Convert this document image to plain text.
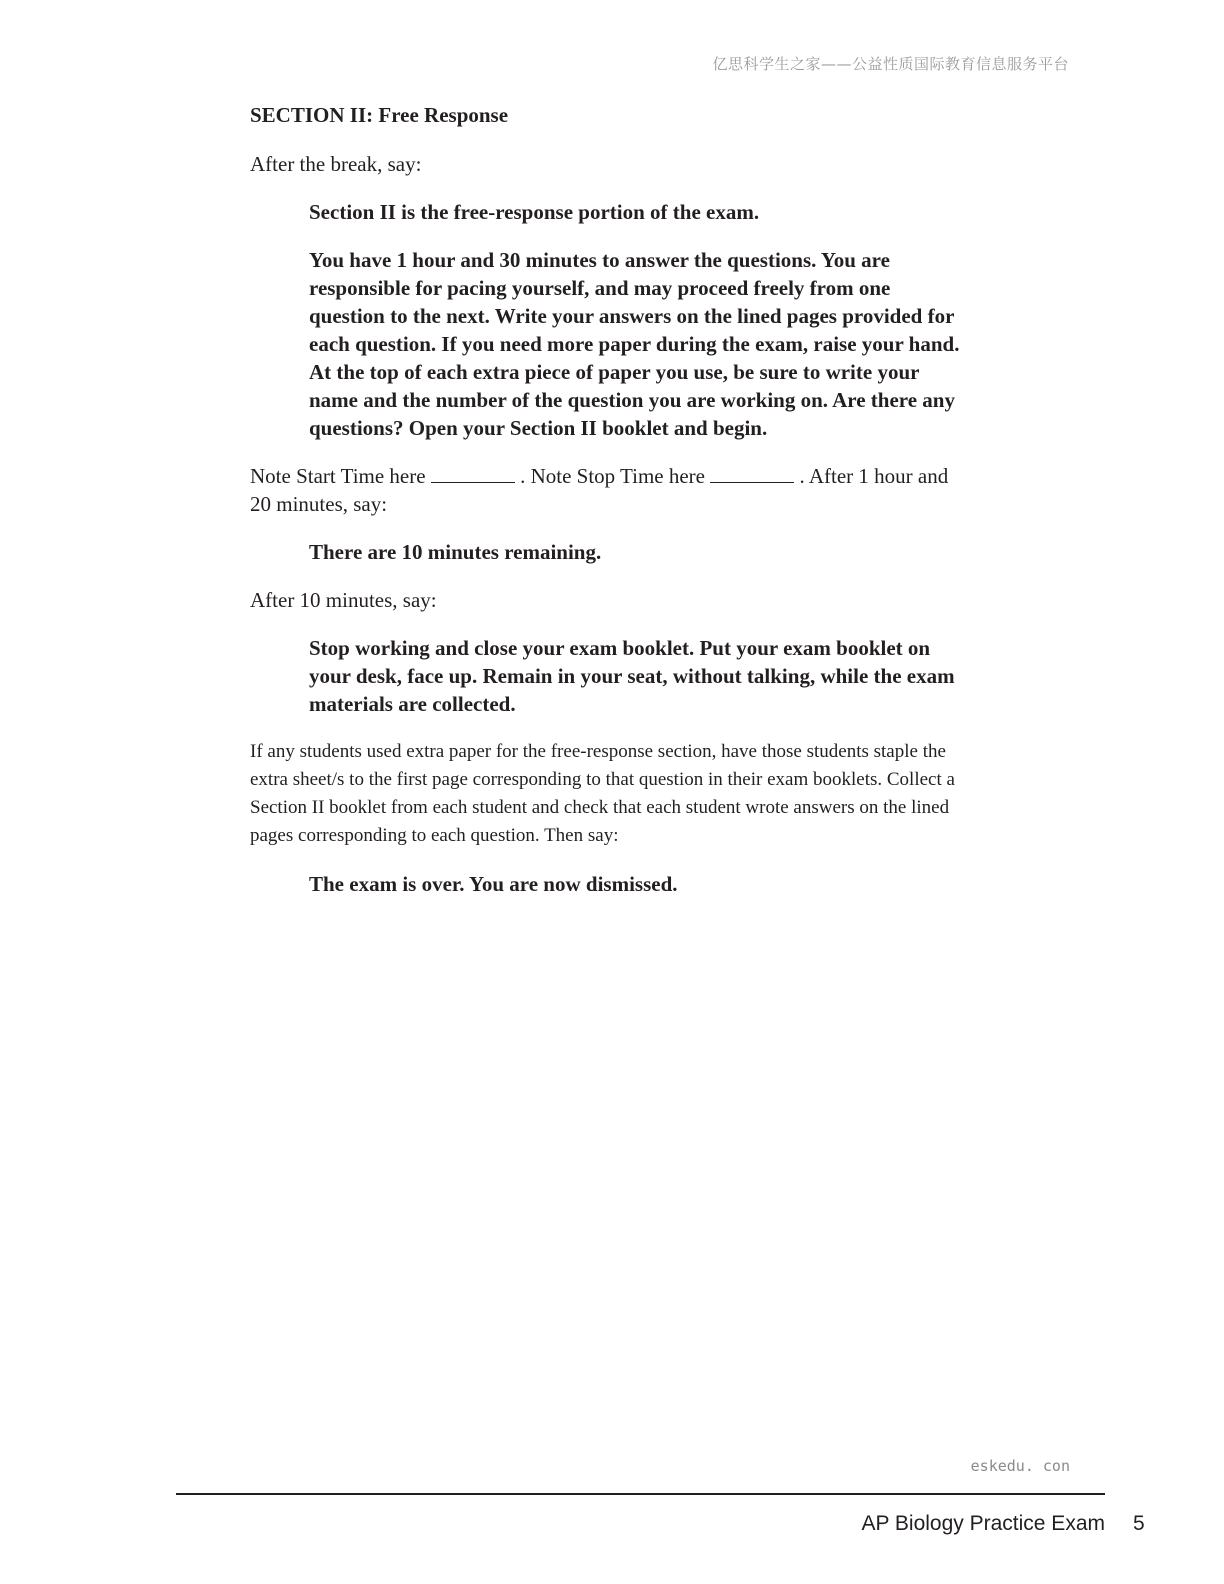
亿思科学生之家——公益性质国际教育信息服务平台
SECTION II: Free Response
After the break, say:
Section II is the free-response portion of the exam.
You have 1 hour and 30 minutes to answer the questions. You are responsible for pacing yourself, and may proceed freely from one question to the next. Write your answers on the lined pages provided for each question. If you need more paper during the exam, raise your hand. At the top of each extra piece of paper you use, be sure to write your name and the number of the question you are working on. Are there any questions? Open your Section II booklet and begin.
Note Start Time here	. Note Stop Time here	. After 1 hour and 20 minutes, say:
There are 10 minutes remaining.
After 10 minutes, say:
Stop working and close your exam booklet. Put your exam booklet on your desk, face up. Remain in your seat, without talking, while the exam materials are collected.
If any students used extra paper for the free-response section, have those students staple the extra sheet/s to the first page corresponding to that question in their exam booklets. Collect a Section II booklet from each student and check that each student wrote answers on the lined pages corresponding to each question. Then say:
The exam is over. You are now dismissed.
eskedu. con
AP Biology Practice Exam 5
